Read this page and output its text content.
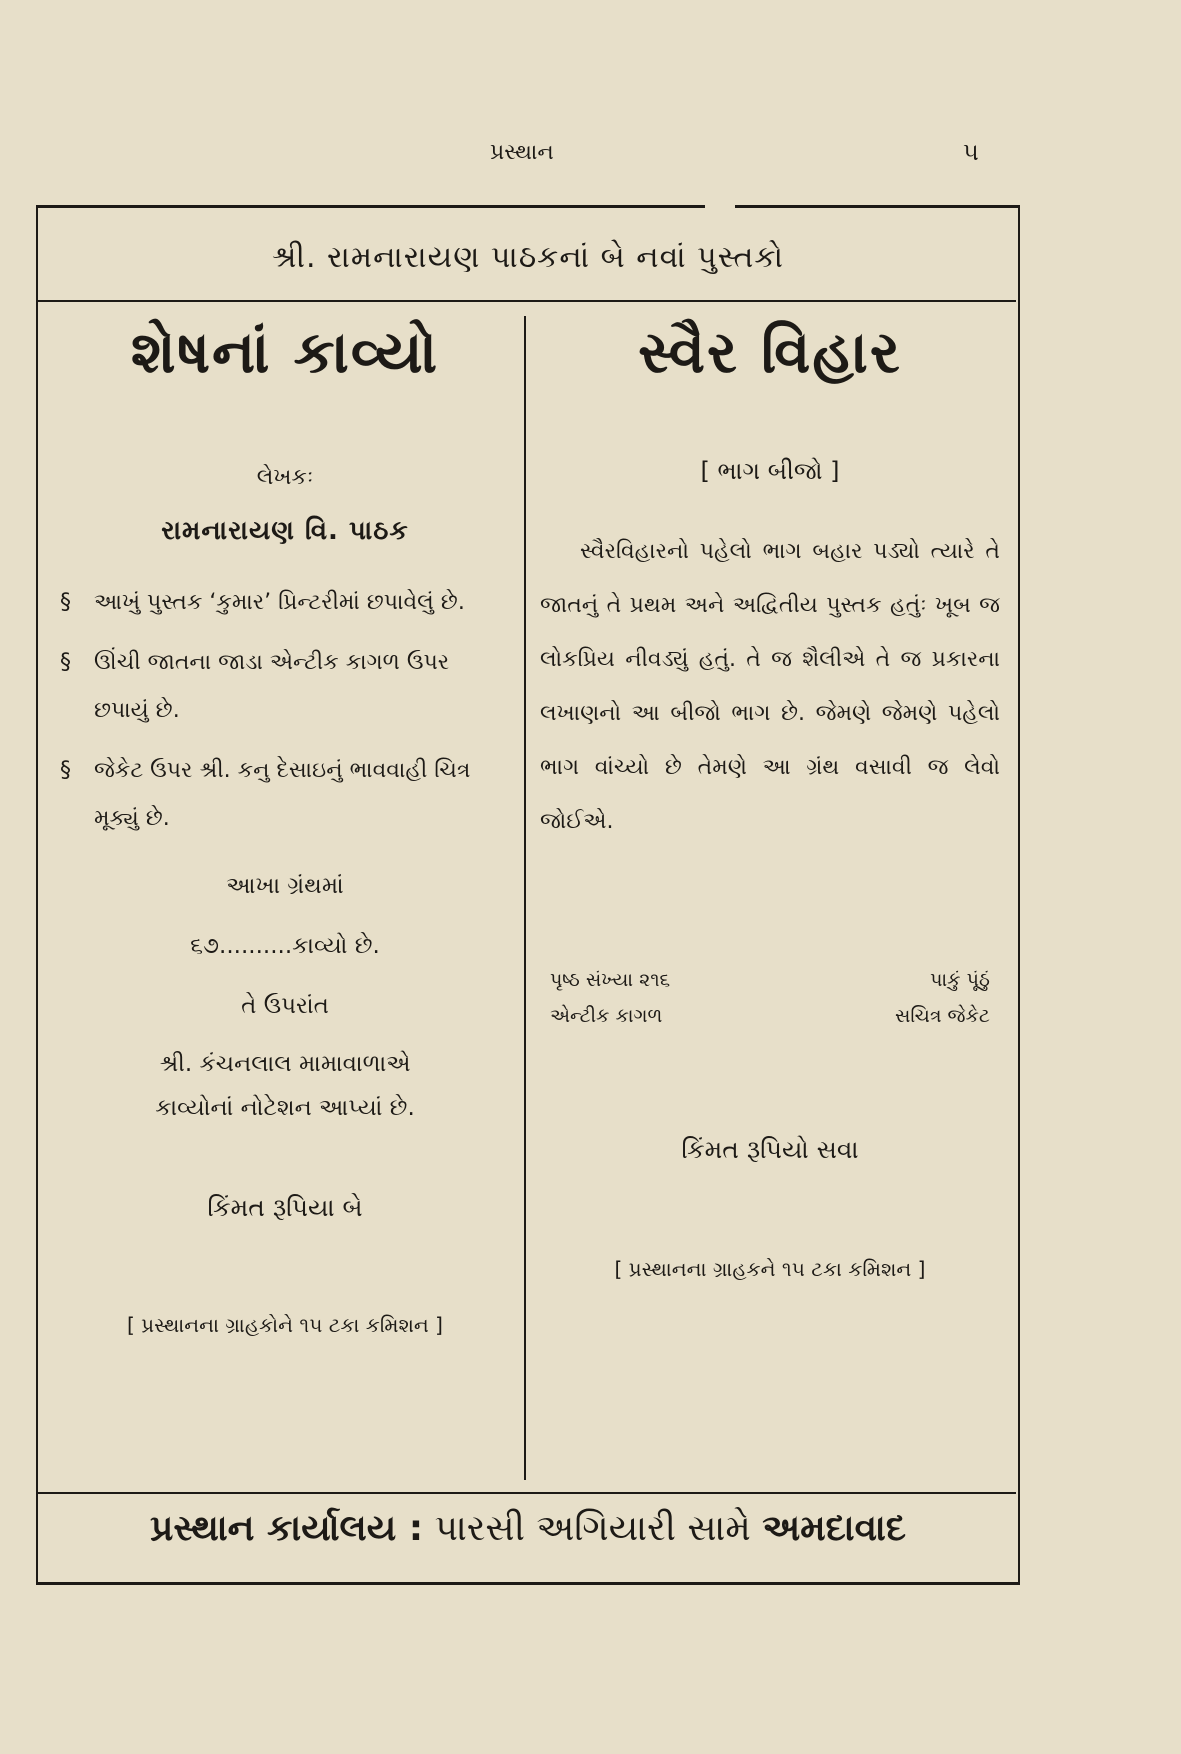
પ્રસ્થાન	૫
શ્રી. રામનારાયણ પાઠકનાં બે નવાં પુસ્તકો
શેષનાં કાવ્યો
લેખકઃ
રામનારાયણ વિ. પાઠક
§	આખું પુસ્તક ‘કુમાર’ પ્રિન્ટરીમાં છપાવેલું છે.
§	ઊંચી જાતના જાડા એન્ટીક કાગળ ઉપર છપાયું છે.
§	જેકેટ ઉપર શ્રી. કનુ દેસાઇનું ભાવવાહી ચિત્ર મૂક્યું છે.
આખા ગ્રંથમાં
૬૭..........કાવ્યો છે.
તે ઉપરાંત
શ્રી. કંચનલાલ મામાવાળાએ
કાવ્યોનાં નોટેશન આપ્યાં છે.
કિંમત રૂપિયા બે
[ પ્રસ્થાનના ગ્રાહકોને ૧૫ ટકા કમિશન ]
સ્વૈર વિહાર
[ ભાગ બીજો ]

સ્વૈરવિહારનો પહેલો ભાગ બહાર પડ્યો ત્યારે તે જાતનું તે પ્રથમ અને અદ્વિતીય પુસ્તક હતુંઃ ખૂબ જ લોકપ્રિય નીવડ્યું હતું. તે જ શૈલીએ તે જ પ્રકારના લખાણનો આ બીજો ભાગ છે. જેમણે જેમણે પહેલો ભાગ વાંચ્યો છે તેમણે આ ગ્રંથ વસાવી જ લેવો જોઈએ.

પૃષ્ઠ સંખ્યા ૨૧૬	પાકું પૂંઠું
એન્ટીક કાગળ	સચિત્ર જેકેટ
કિંમત રૂપિયો સવા
[ પ્રસ્થાનના ગ્રાહકને ૧૫ ટકા કમિશન ]
પ્રસ્થાન કાર્યાલય : પારસી અગિયારી સામે અમદાવાદ
